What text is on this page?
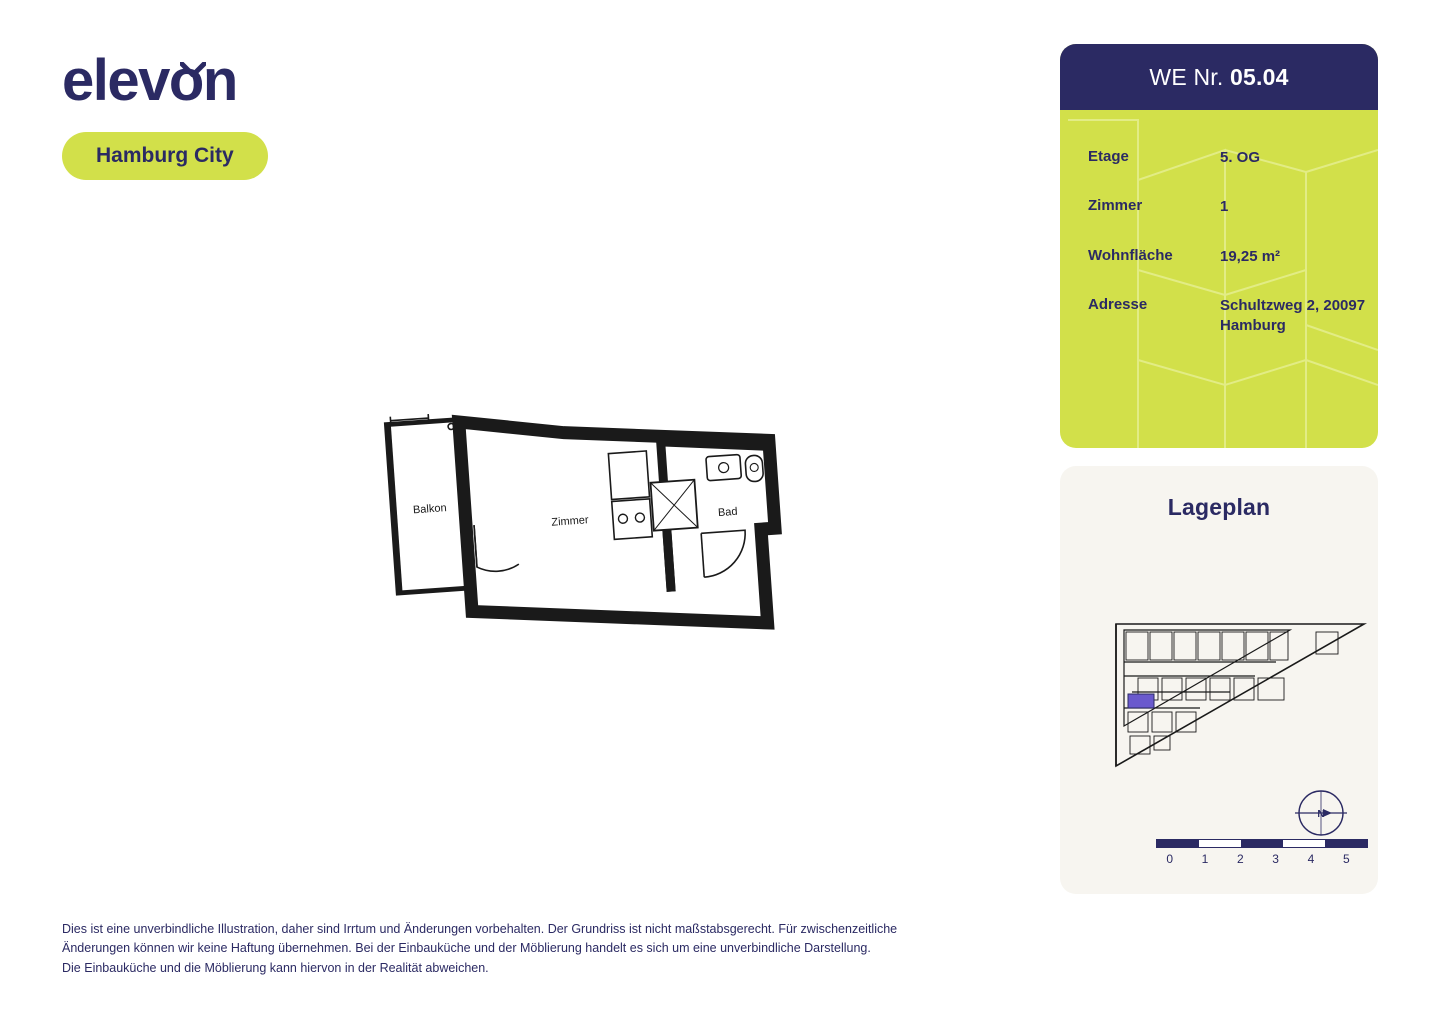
elevon
Hamburg City
Balkon
Zimmer
Bad
WE Nr. 05.04
Etage	5. OG
Zimmer	1
Wohnfläche	19,25 m²
Adresse	Schultzweg 2, 20097 Hamburg
Lageplan
N
0	1	2	3	4	5

Dies ist eine unverbindliche Illustration, daher sind Irrtum und Änderungen vorbehalten. Der Grundriss ist nicht maßstabsgerecht. Für zwischenzeitliche

Änderungen können wir keine Haftung übernehmen. Bei der Einbauküche und der Möblierung handelt es sich um eine unverbindliche Darstellung.

Die Einbauküche und die Möblierung kann hiervon in der Realität abweichen.
